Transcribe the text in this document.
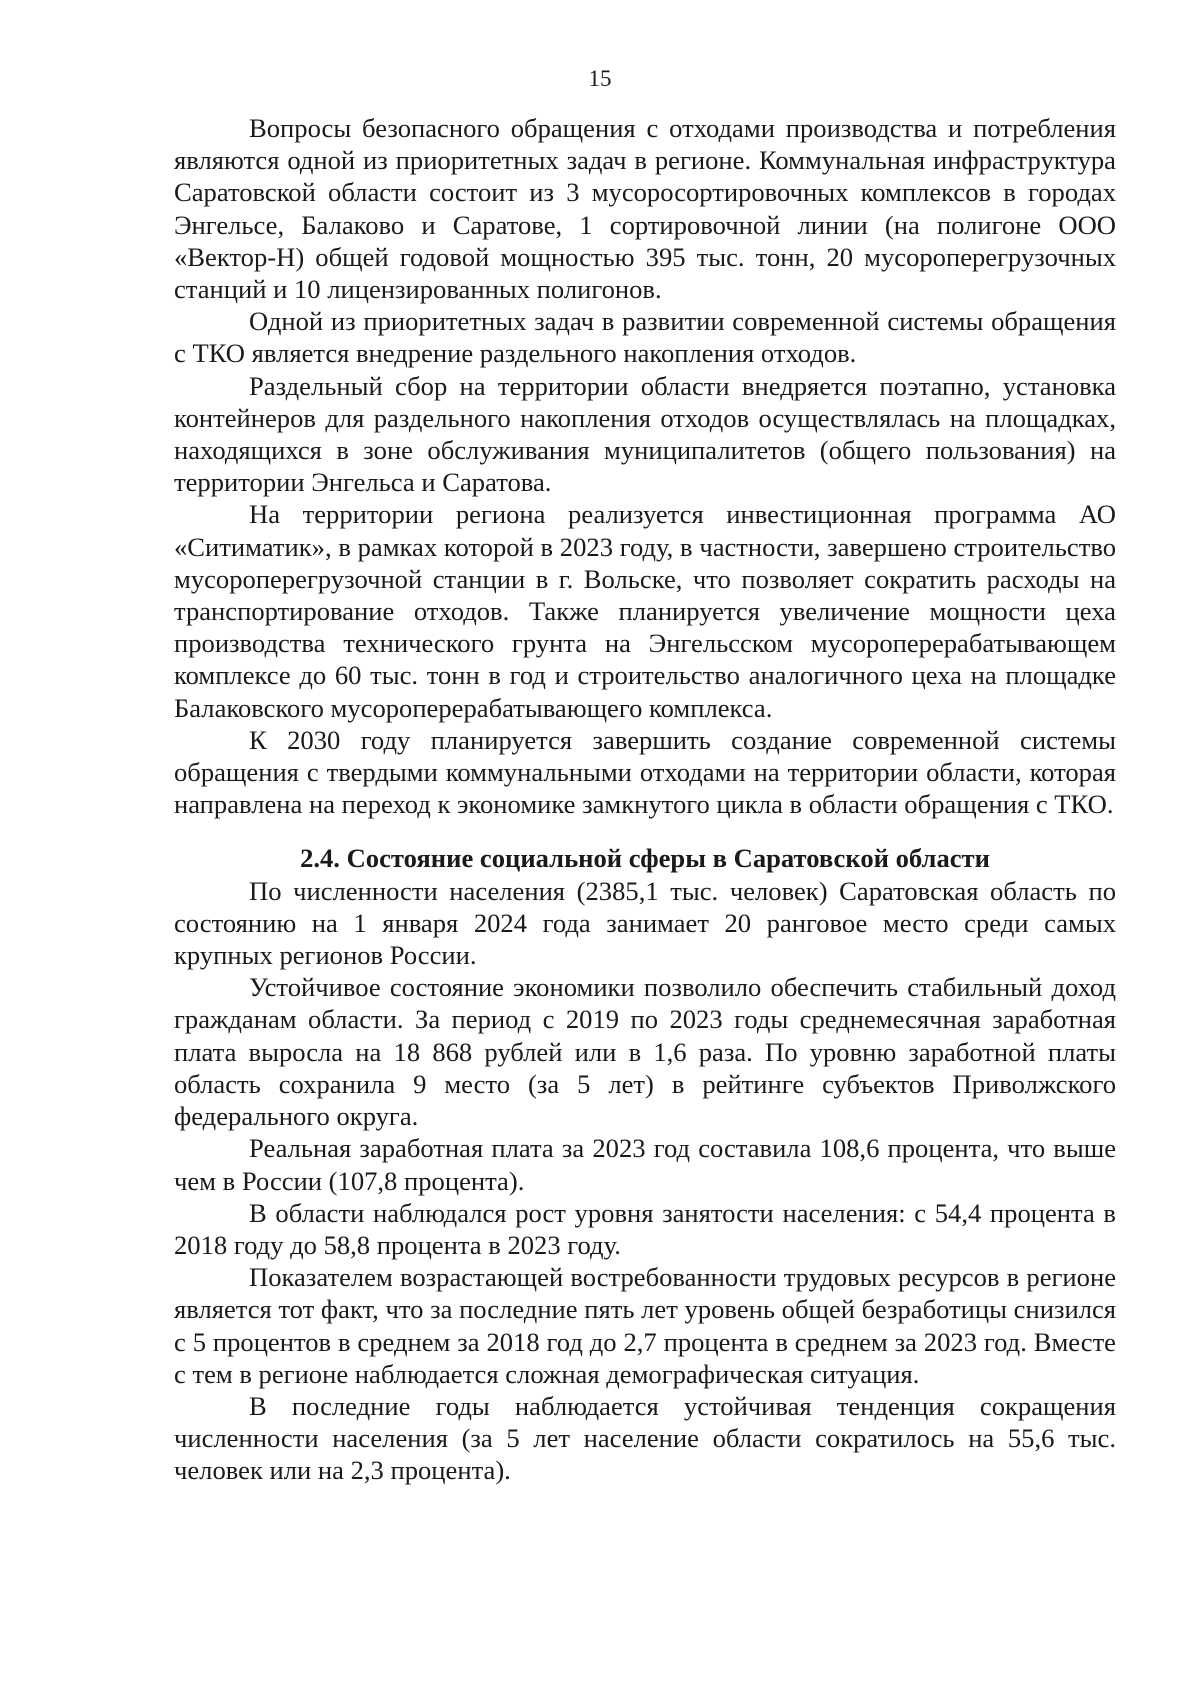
15

Вопросы безопасного обращения с отходами производства и потребления являются одной из приоритетных задач в регионе. Коммунальная инфраструктура Саратовской области состоит из 3 мусоросортировочных комплексов в городах Энгельсе, Балаково и Саратове, 1 сортировочной линии (на полигоне ООО «Вектор-Н) общей годовой мощностью 395 тыс. тонн, 20 мусороперегрузочных станций и 10 лицензированных полигонов.

Одной из приоритетных задач в развитии современной системы обращения с ТКО является внедрение раздельного накопления отходов.

Раздельный сбор на территории области внедряется поэтапно, установка контейнеров для раздельного накопления отходов осуществлялась на площадках, находящихся в зоне обслуживания муниципалитетов (общего пользования) на территории Энгельса и Саратова.

На территории региона реализуется инвестиционная программа АО «Ситиматик», в рамках которой в 2023 году, в частности, завершено строительство мусороперегрузочной станции в г. Вольске, что позволяет сократить расходы на транспортирование отходов. Также планируется увеличение мощности цеха производства технического грунта на Энгельсском мусороперерабатывающем комплексе до 60 тыс. тонн в год и строительство аналогичного цеха на площадке Балаковского мусороперерабатывающего комплекса.

К 2030 году планируется завершить создание современной системы обращения с твердыми коммунальными отходами на территории области, которая направлена на переход к экономике замкнутого цикла в области обращения с ТКО.

2.4. Состояние социальной сферы в Саратовской области

По численности населения (2385,1 тыс. человек) Саратовская область по состоянию на 1 января 2024 года занимает 20 ранговое место среди самых крупных регионов России.

Устойчивое состояние экономики позволило обеспечить стабильный доход гражданам области. За период с 2019 по 2023 годы среднемесячная заработная плата выросла на 18 868 рублей или в 1,6 раза. По уровню заработной платы область сохранила 9 место (за 5 лет) в рейтинге субъектов Приволжского федерального округа.

Реальная заработная плата за 2023 год составила 108,6 процента, что выше чем в России (107,8 процента).

В области наблюдался рост уровня занятости населения: с 54,4 процента в 2018 году до 58,8 процента в 2023 году.

Показателем возрастающей востребованности трудовых ресурсов в регионе является тот факт, что за последние пять лет уровень общей безработицы снизился с 5 процентов в среднем за 2018 год до 2,7 процента в среднем за 2023 год. Вместе с тем в регионе наблюдается сложная демографическая ситуация.

В последние годы наблюдается устойчивая тенденция сокращения численности населения (за 5 лет население области сократилось на 55,6 тыс. человек или на 2,3 процента).
